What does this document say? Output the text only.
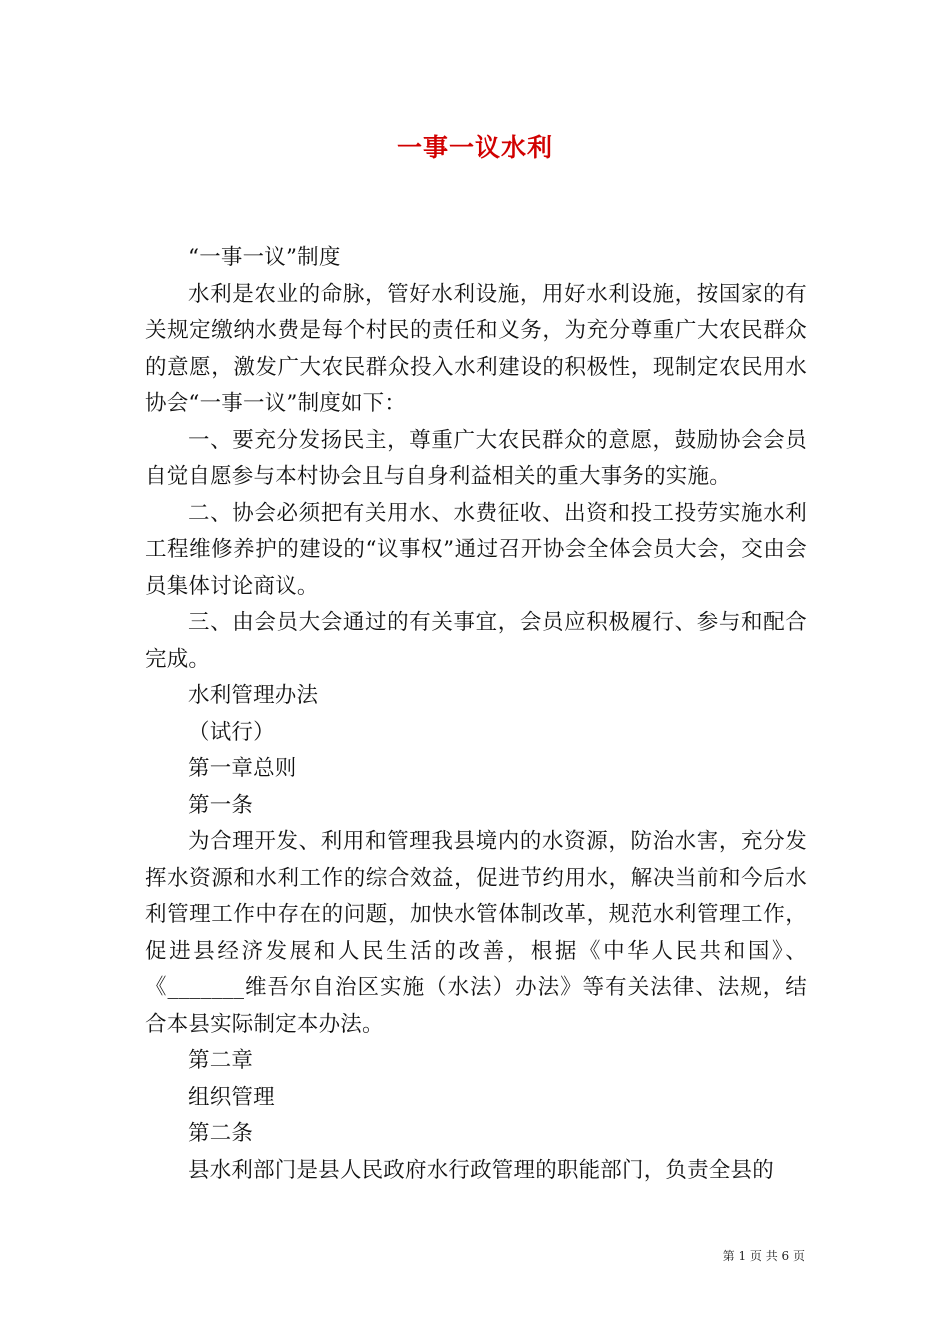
一事一议水利

“一事一议”制度

水利是农业的命脉，管好水利设施，用好水利设施，按国家的有关规定缴纳水费是每个村民的责任和义务，为充分尊重广大农民群众的意愿，激发广大农民群众投入水利建设的积极性，现制定农民用水协会“一事一议”制度如下：

一、要充分发扬民主，尊重广大农民群众的意愿，鼓励协会会员自觉自愿参与本村协会且与自身利益相关的重大事务的实施。

二、协会必须把有关用水、水费征收、出资和投工投劳实施水利工程维修养护的建设的“议事权”通过召开协会全体会员大会，交由会员集体讨论商议。

三、由会员大会通过的有关事宜，会员应积极履行、参与和配合完成。

水利管理办法

（试行）

第一章总则

第一条

为合理开发、利用和管理我县境内的水资源，防治水害，充分发挥水资源和水利工作的综合效益，促进节约用水，解决当前和今后水利管理工作中存在的问题，加快水管体制改革，规范水利管理工作，促进县经济发展和人民生活的改善，根据《中华人民共和国》、《_______维吾尔自治区实施（水法）办法》等有关法律、法规，结合本县实际制定本办法。

第二章

组织管理

第二条

县水利部门是县人民政府水行政管理的职能部门，负责全县的

第 1 页 共 6 页
